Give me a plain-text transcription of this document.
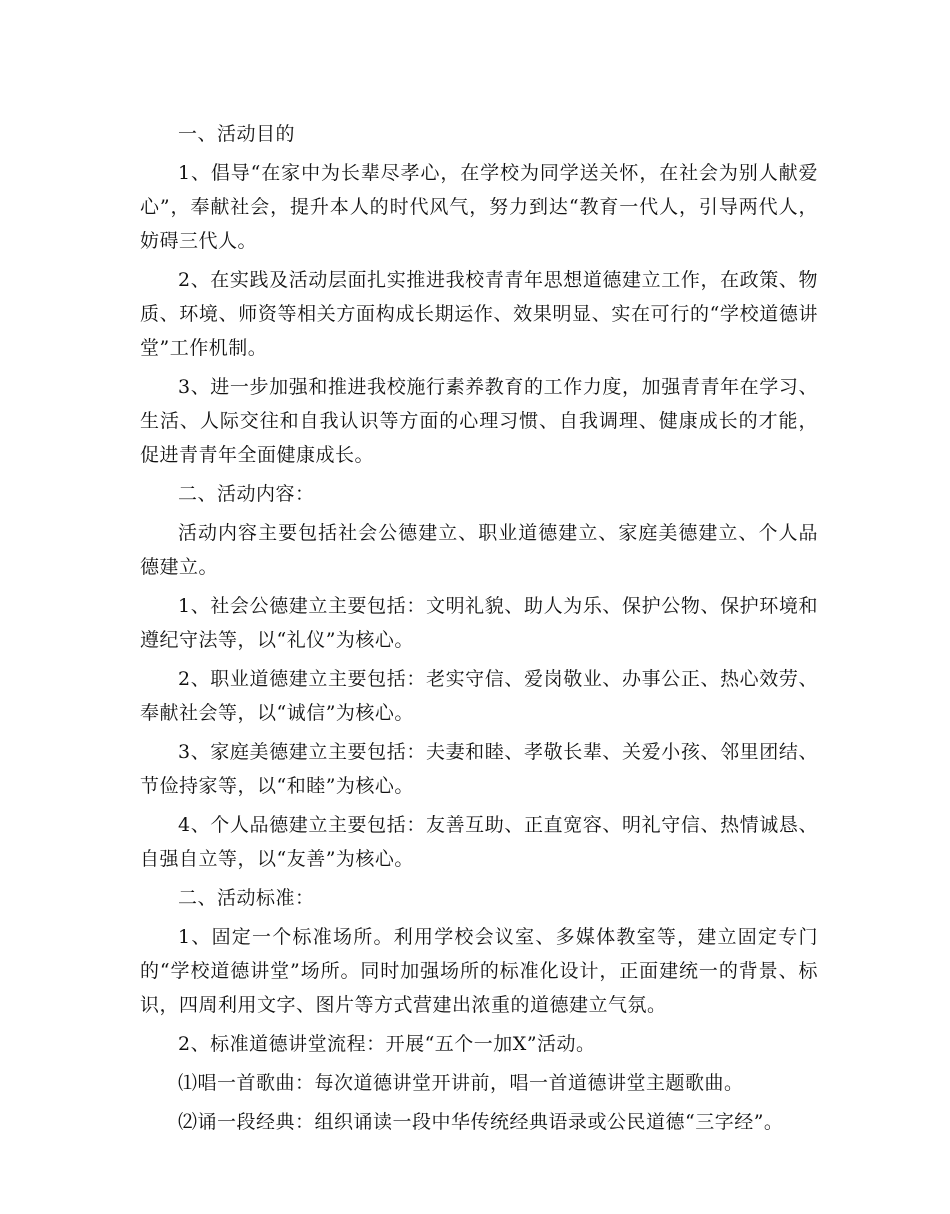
一、活动目的

1、倡导“在家中为长辈尽孝心，在学校为同学送关怀，在社会为别人献爱心”，奉献社会，提升本人的时代风气，努力到达“教育一代人，引导两代人，妨碍三代人。

2、在实践及活动层面扎实推进我校青青年思想道德建立工作，在政策、物质、环境、师资等相关方面构成长期运作、效果明显、实在可行的“学校道德讲堂”工作机制。

3、进一步加强和推进我校施行素养教育的工作力度，加强青青年在学习、生活、人际交往和自我认识等方面的心理习惯、自我调理、健康成长的才能，促进青青年全面健康成长。

二、活动内容：

活动内容主要包括社会公德建立、职业道德建立、家庭美德建立、个人品德建立。

1、社会公德建立主要包括：文明礼貌、助人为乐、保护公物、保护环境和遵纪守法等，以“礼仪”为核心。

2、职业道德建立主要包括：老实守信、爱岗敬业、办事公正、热心效劳、奉献社会等，以“诚信”为核心。

3、家庭美德建立主要包括：夫妻和睦、孝敬长辈、关爱小孩、邻里团结、节俭持家等，以“和睦”为核心。

4、个人品德建立主要包括：友善互助、正直宽容、明礼守信、热情诚恳、自强自立等，以“友善”为核心。

二、活动标准：

1、固定一个标准场所。利用学校会议室、多媒体教室等，建立固定专门的“学校道德讲堂”场所。同时加强场所的标准化设计，正面建统一的背景、标识，四周利用文字、图片等方式营建出浓重的道德建立气氛。

2、标准道德讲堂流程：开展“五个一加X”活动。

⑴唱一首歌曲：每次道德讲堂开讲前，唱一首道德讲堂主题歌曲。

⑵诵一段经典：组织诵读一段中华传统经典语录或公民道德“三字经”。
